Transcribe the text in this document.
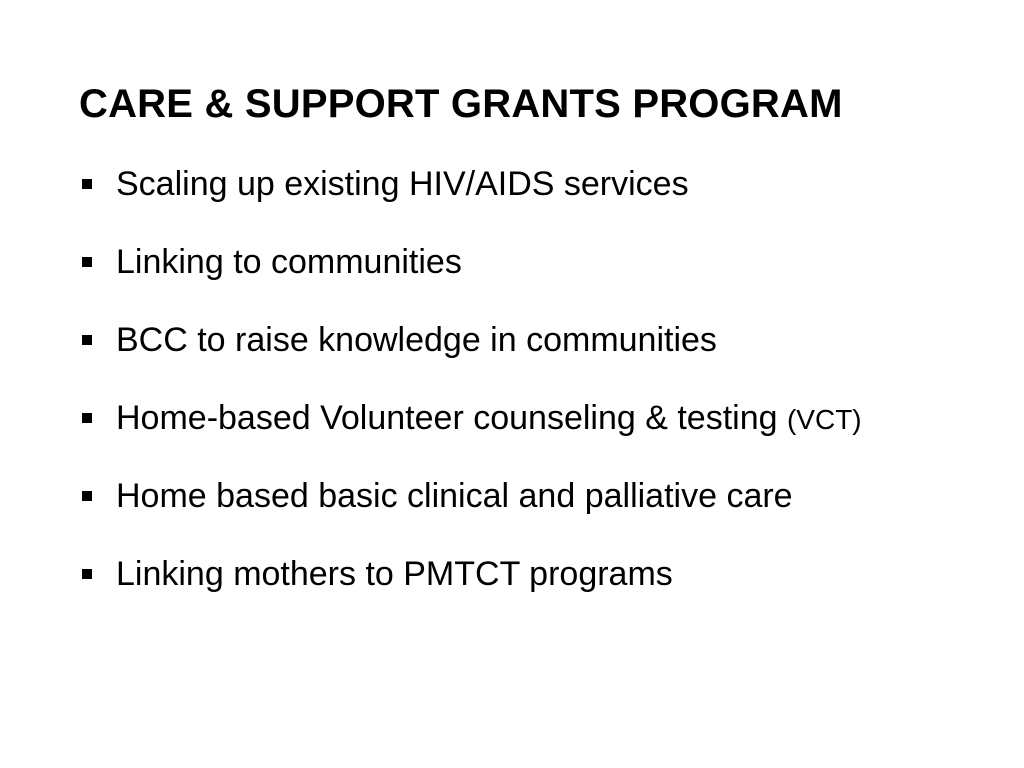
CARE & SUPPORT GRANTS PROGRAM
Scaling up existing HIV/AIDS services
Linking to communities
BCC to raise knowledge in communities
Home-based Volunteer counseling & testing (VCT)
Home based basic clinical and palliative care
Linking mothers to PMTCT programs
